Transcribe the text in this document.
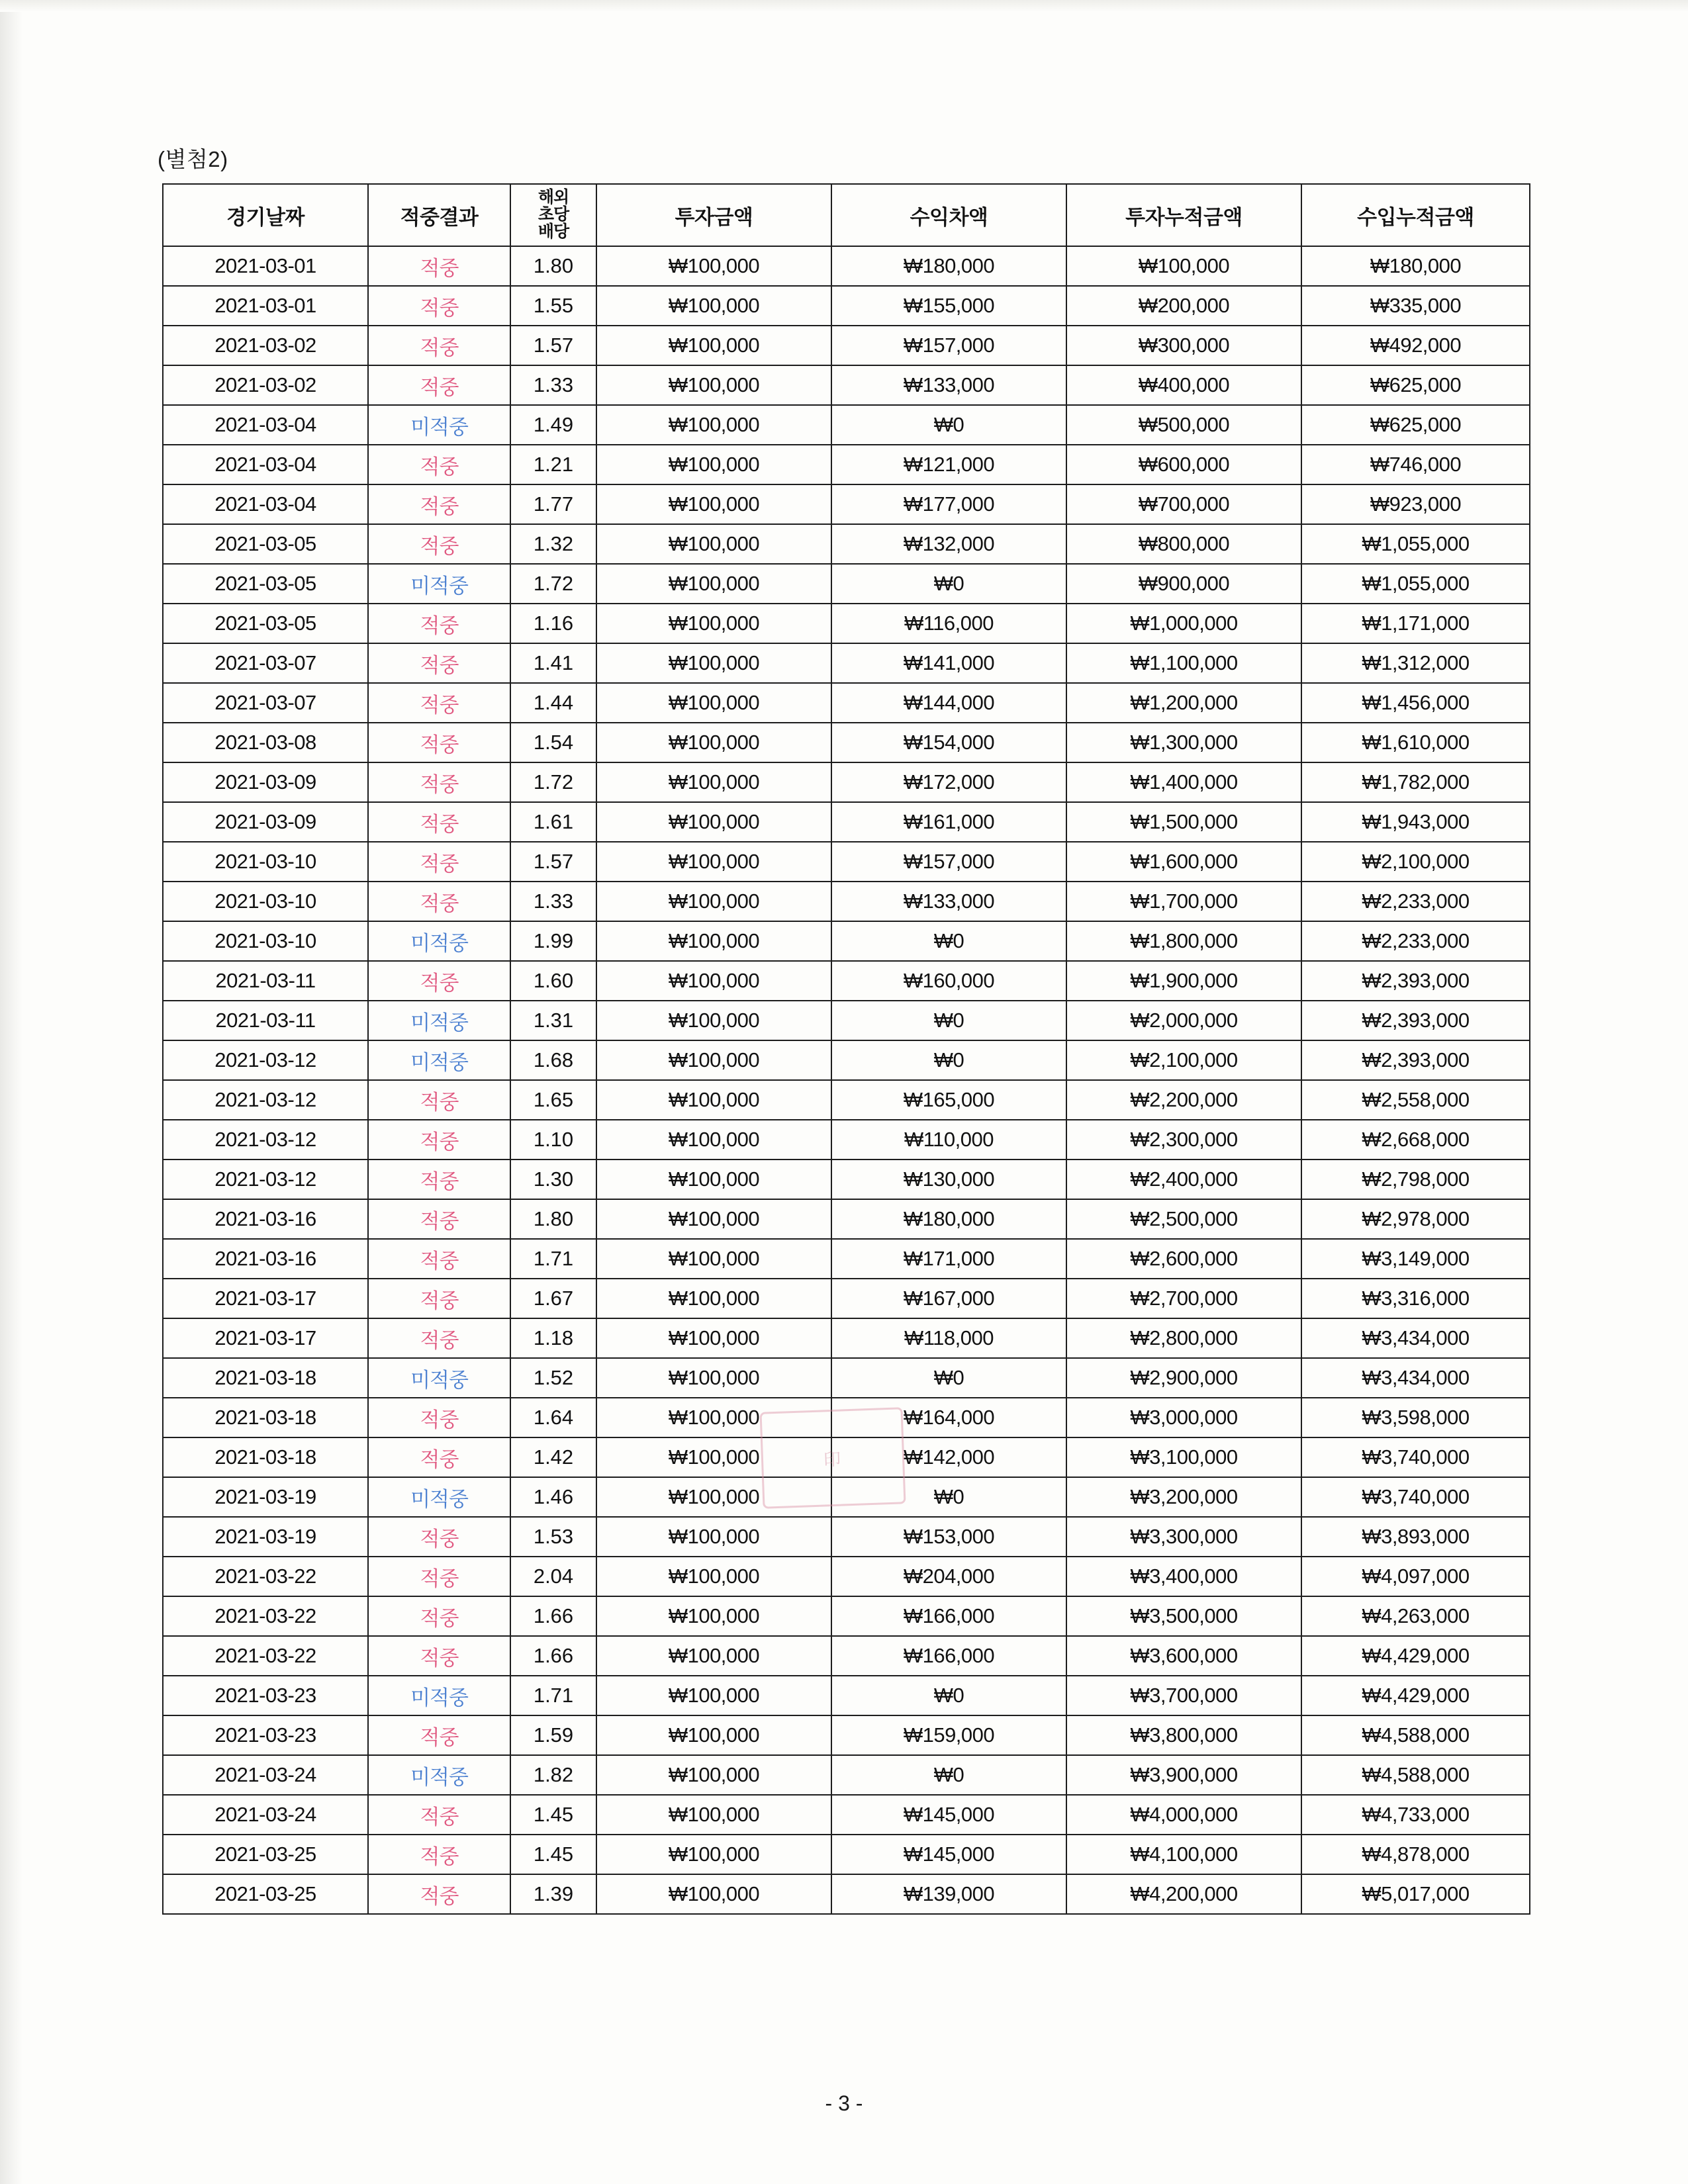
(별첨2)
경기날짜	적중결과	해외
초당
배당	투자금액	수익차액	투자누적금액	수입누적금액
2021-03-01	적중	1.80	₩100,000	₩180,000	₩100,000	₩180,000
2021-03-01	적중	1.55	₩100,000	₩155,000	₩200,000	₩335,000
2021-03-02	적중	1.57	₩100,000	₩157,000	₩300,000	₩492,000
2021-03-02	적중	1.33	₩100,000	₩133,000	₩400,000	₩625,000
2021-03-04	미적중	1.49	₩100,000	₩0	₩500,000	₩625,000
2021-03-04	적중	1.21	₩100,000	₩121,000	₩600,000	₩746,000
2021-03-04	적중	1.77	₩100,000	₩177,000	₩700,000	₩923,000
2021-03-05	적중	1.32	₩100,000	₩132,000	₩800,000	₩1,055,000
2021-03-05	미적중	1.72	₩100,000	₩0	₩900,000	₩1,055,000
2021-03-05	적중	1.16	₩100,000	₩116,000	₩1,000,000	₩1,171,000
2021-03-07	적중	1.41	₩100,000	₩141,000	₩1,100,000	₩1,312,000
2021-03-07	적중	1.44	₩100,000	₩144,000	₩1,200,000	₩1,456,000
2021-03-08	적중	1.54	₩100,000	₩154,000	₩1,300,000	₩1,610,000
2021-03-09	적중	1.72	₩100,000	₩172,000	₩1,400,000	₩1,782,000
2021-03-09	적중	1.61	₩100,000	₩161,000	₩1,500,000	₩1,943,000
2021-03-10	적중	1.57	₩100,000	₩157,000	₩1,600,000	₩2,100,000
2021-03-10	적중	1.33	₩100,000	₩133,000	₩1,700,000	₩2,233,000
2021-03-10	미적중	1.99	₩100,000	₩0	₩1,800,000	₩2,233,000
2021-03-11	적중	1.60	₩100,000	₩160,000	₩1,900,000	₩2,393,000
2021-03-11	미적중	1.31	₩100,000	₩0	₩2,000,000	₩2,393,000
2021-03-12	미적중	1.68	₩100,000	₩0	₩2,100,000	₩2,393,000
2021-03-12	적중	1.65	₩100,000	₩165,000	₩2,200,000	₩2,558,000
2021-03-12	적중	1.10	₩100,000	₩110,000	₩2,300,000	₩2,668,000
2021-03-12	적중	1.30	₩100,000	₩130,000	₩2,400,000	₩2,798,000
2021-03-16	적중	1.80	₩100,000	₩180,000	₩2,500,000	₩2,978,000
2021-03-16	적중	1.71	₩100,000	₩171,000	₩2,600,000	₩3,149,000
2021-03-17	적중	1.67	₩100,000	₩167,000	₩2,700,000	₩3,316,000
2021-03-17	적중	1.18	₩100,000	₩118,000	₩2,800,000	₩3,434,000
2021-03-18	미적중	1.52	₩100,000	₩0	₩2,900,000	₩3,434,000
2021-03-18	적중	1.64	₩100,000	₩164,000	₩3,000,000	₩3,598,000
2021-03-18	적중	1.42	₩100,000	₩142,000	₩3,100,000	₩3,740,000
2021-03-19	미적중	1.46	₩100,000	₩0	₩3,200,000	₩3,740,000
2021-03-19	적중	1.53	₩100,000	₩153,000	₩3,300,000	₩3,893,000
2021-03-22	적중	2.04	₩100,000	₩204,000	₩3,400,000	₩4,097,000
2021-03-22	적중	1.66	₩100,000	₩166,000	₩3,500,000	₩4,263,000
2021-03-22	적중	1.66	₩100,000	₩166,000	₩3,600,000	₩4,429,000
2021-03-23	미적중	1.71	₩100,000	₩0	₩3,700,000	₩4,429,000
2021-03-23	적중	1.59	₩100,000	₩159,000	₩3,800,000	₩4,588,000
2021-03-24	미적중	1.82	₩100,000	₩0	₩3,900,000	₩4,588,000
2021-03-24	적중	1.45	₩100,000	₩145,000	₩4,000,000	₩4,733,000
2021-03-25	적중	1.45	₩100,000	₩145,000	₩4,100,000	₩4,878,000
2021-03-25	적중	1.39	₩100,000	₩139,000	₩4,200,000	₩5,017,000
印
- 3 -
